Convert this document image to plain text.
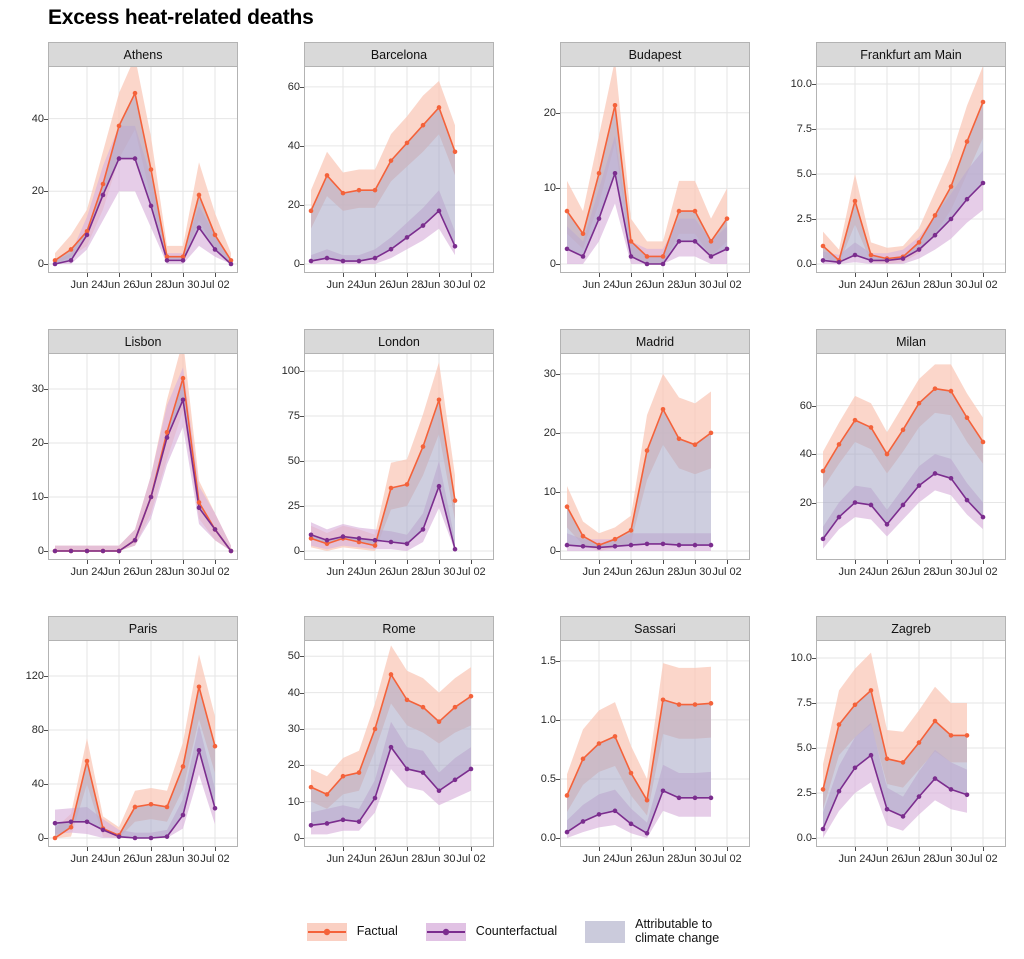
Excess heat-related deaths
Athens
0
20
40
Jun 24
Jun 26
Jun 28
Jun 30 Jul 02
Barcelona
0
20
40
60
Jun 24
Jun 26
Jun 28
Jun 30 Jul 02
Budapest
0
10
20
Jun 24
Jun 26
Jun 28
Jun 30 Jul 02
Frankfurt am Main
0.0
2.5
5.0
7.5
10.0
Jun 24
Jun 26
Jun 28
Jun 30 Jul 02
Lisbon
0
10
20
30
Jun 24
Jun 26
Jun 28
Jun 30 Jul 02
London
0
25
50
75
100
Jun 24
Jun 26
Jun 28
Jun 30 Jul 02
Madrid
0
10
20
30
Jun 24
Jun 26
Jun 28
Jun 30 Jul 02
Milan
20
40
60
Jun 24
Jun 26
Jun 28
Jun 30 Jul 02
Paris
0
40
80
120
Jun 24
Jun 26
Jun 28
Jun 30 Jul 02
Rome
0
10
20
30
40
50
Jun 24
Jun 26
Jun 28
Jun 30 Jul 02
Sassari
0.0
0.5
1.0
1.5
Jun 24
Jun 26
Jun 28
Jun 30 Jul 02
Zagreb
0.0
2.5
5.0
7.5
10.0
Jun 24
Jun 26
Jun 28
Jun 30 Jul 02
Factual	Counterfactual	Attributable to
climate change
